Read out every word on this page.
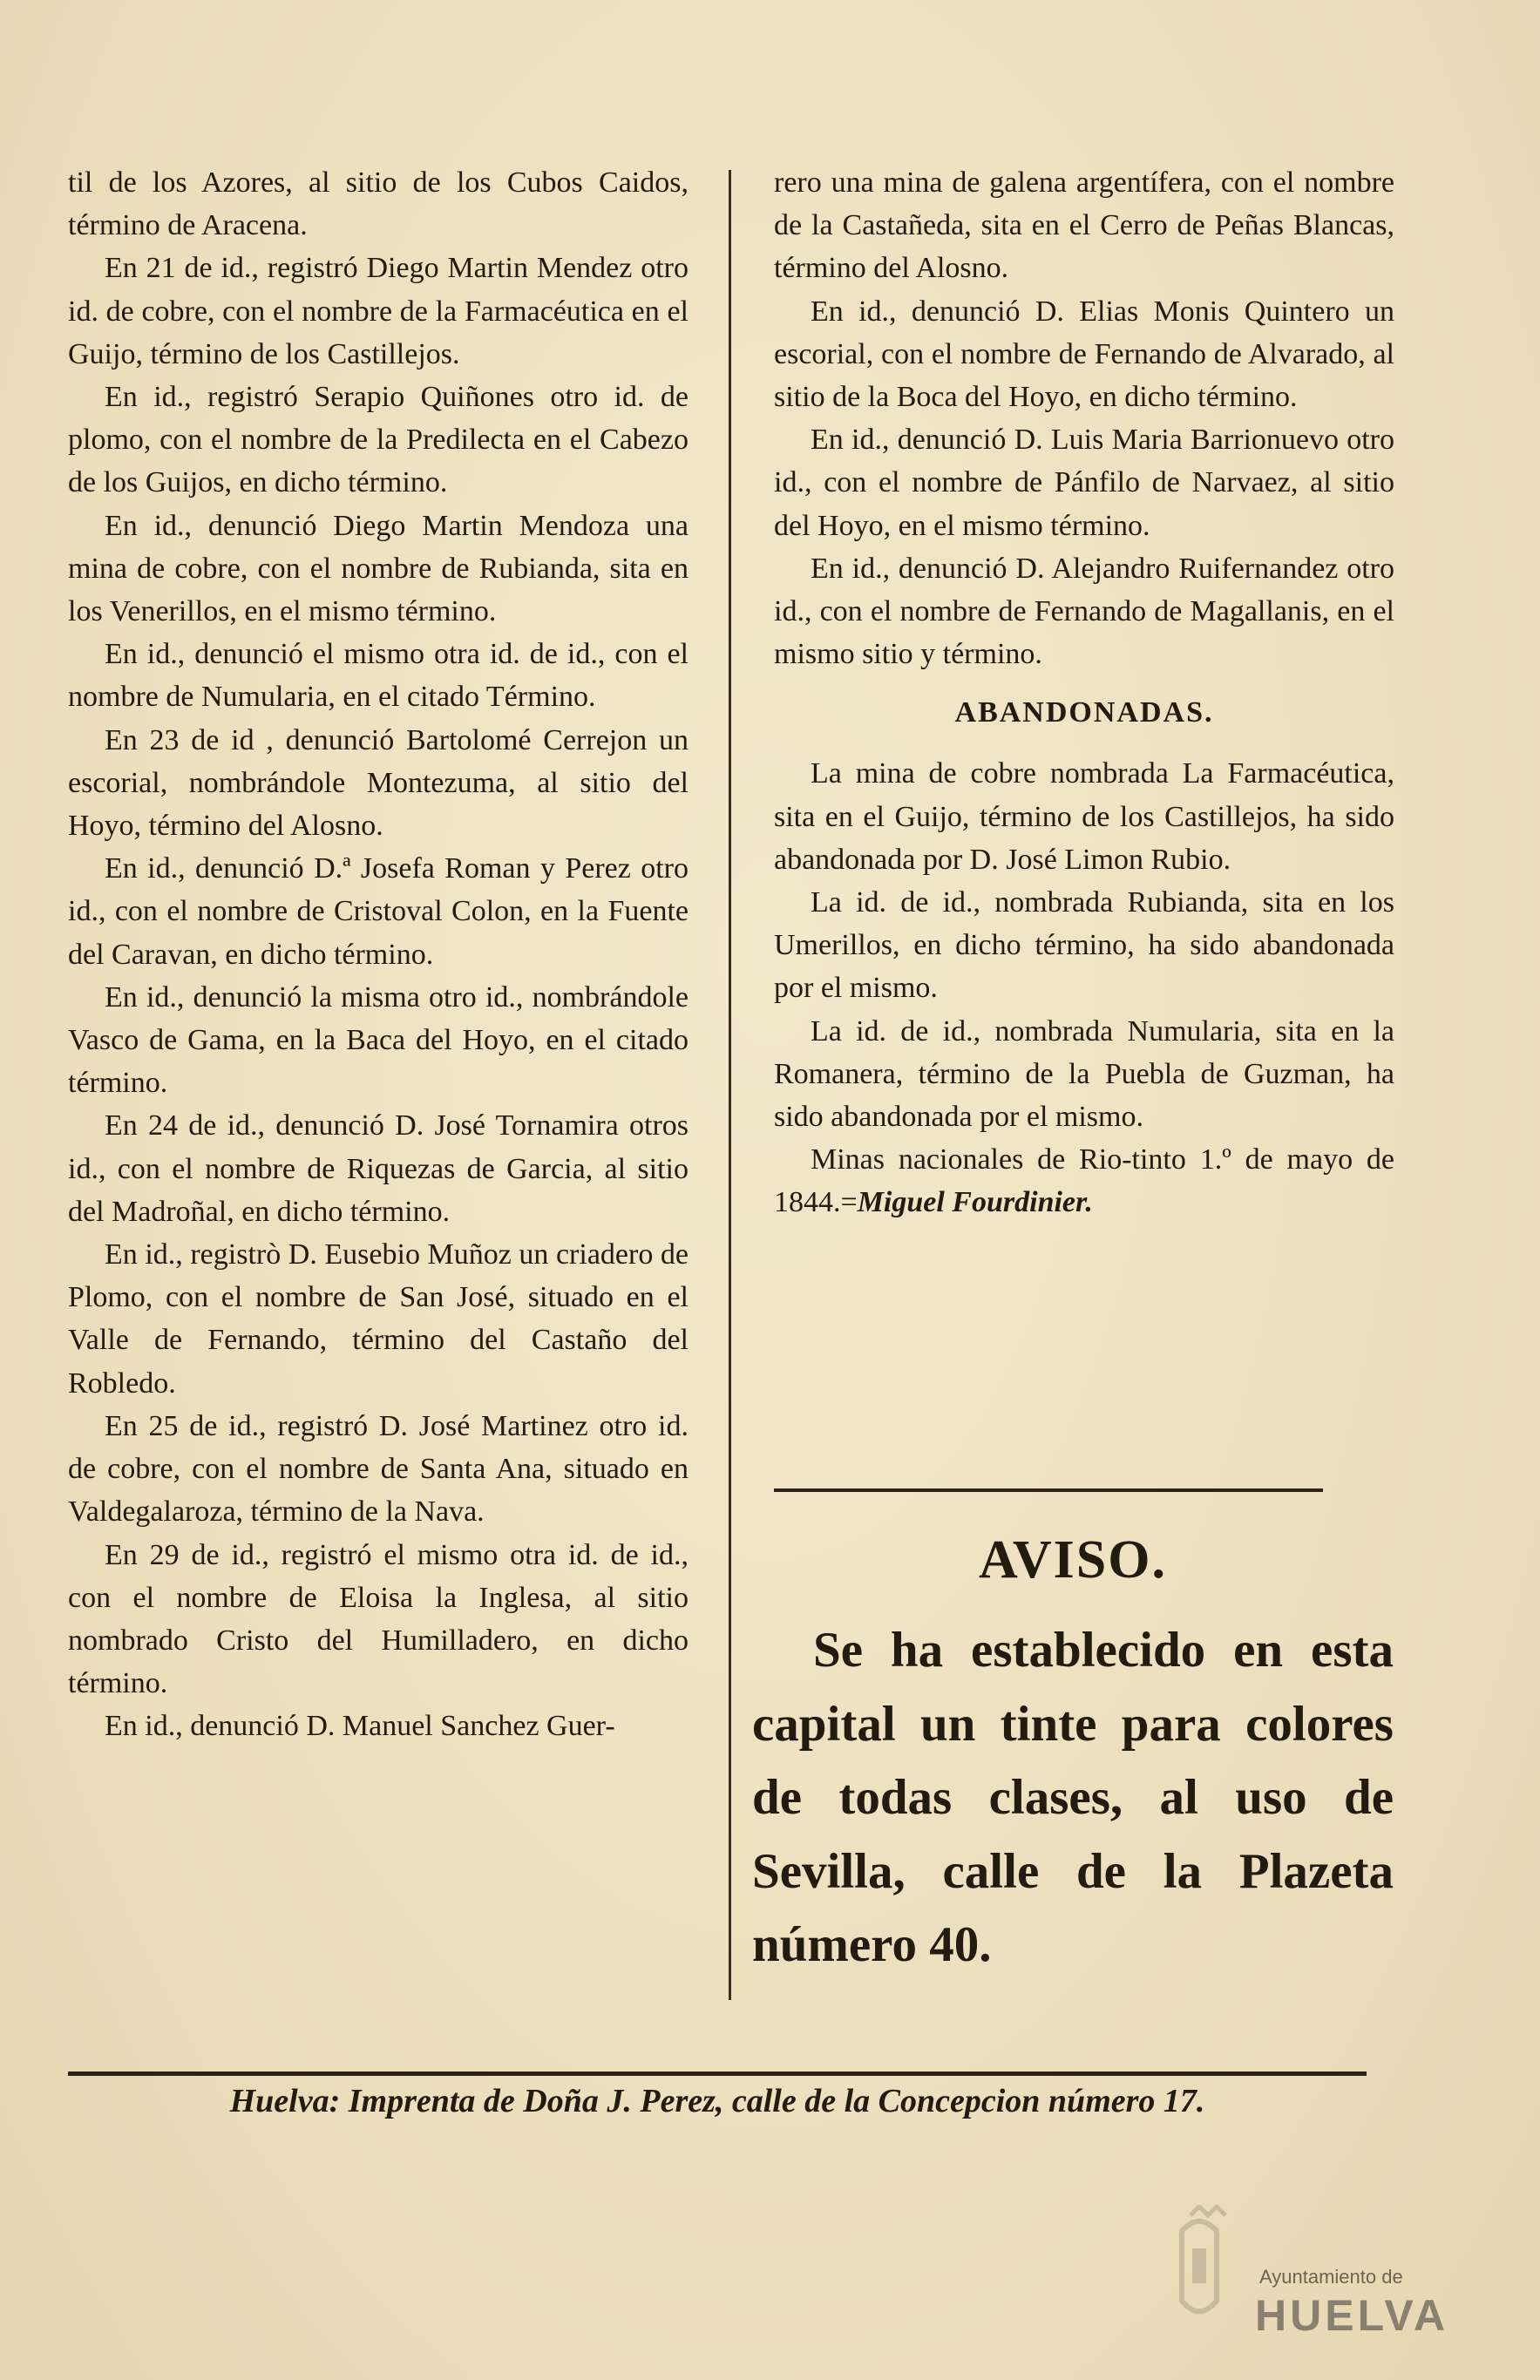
til de los Azores, al sitio de los Cubos Caidos, término de Aracena.

En 21 de id., registró Diego Martin Mendez otro id. de cobre, con el nombre de la Farmacéutica en el Guijo, término de los Castillejos.

En id., registró Serapio Quiñones otro id. de plomo, con el nombre de la Predilecta en el Cabezo de los Guijos, en dicho término.

En id., denunció Diego Martin Mendoza una mina de cobre, con el nombre de Rubianda, sita en los Venerillos, en el mismo término.

En id., denunció el mismo otra id. de id., con el nombre de Numularia, en el citado Término.

En 23 de id , denunció Bartolomé Cerrejon un escorial, nombrándole Montezuma, al sitio del Hoyo, término del Alosno.

En id., denunció D.ª Josefa Roman y Perez otro id., con el nombre de Cristoval Colon, en la Fuente del Caravan, en dicho término.

En id., denunció la misma otro id., nombrándole Vasco de Gama, en la Baca del Hoyo, en el citado término.

En 24 de id., denunció D. José Tornamira otros id., con el nombre de Riquezas de Garcia, al sitio del Madroñal, en dicho término.

En id., registrò D. Eusebio Muñoz un criadero de Plomo, con el nombre de San José, situado en el Valle de Fernando, término del Castaño del Robledo.

En 25 de id., registró D. José Martinez otro id. de cobre, con el nombre de Santa Ana, situado en Valdegalaroza, término de la Nava.

En 29 de id., registró el mismo otra id. de id., con el nombre de Eloisa la Inglesa, al sitio nombrado Cristo del Humilladero, en dicho término.

En id., denunció D. Manuel Sanchez Guer-

rero una mina de galena argentífera, con el nombre de la Castañeda, sita en el Cerro de Peñas Blancas, término del Alosno.

En id., denunció D. Elias Monis Quintero un escorial, con el nombre de Fernando de Alvarado, al sitio de la Boca del Hoyo, en dicho término.

En id., denunció D. Luis Maria Barrionuevo otro id., con el nombre de Pánfilo de Narvaez, al sitio del Hoyo, en el mismo término.

En id., denunció D. Alejandro Ruifernandez otro id., con el nombre de Fernando de Magallanis, en el mismo sitio y término.

ABANDONADAS.

La mina de cobre nombrada La Farmacéutica, sita en el Guijo, término de los Castillejos, ha sido abandonada por D. José Limon Rubio.

La id. de id., nombrada Rubianda, sita en los Umerillos, en dicho término, ha sido abandonada por el mismo.

La id. de id., nombrada Numularia, sita en la Romanera, término de la Puebla de Guzman, ha sido abandonada por el mismo.

Minas nacionales de Rio-tinto 1.º de mayo de 1844.=Miguel Fourdinier.

AVISO.

Se ha establecido en esta capital un tinte para colores de todas clases, al uso de Sevilla, calle de la Plazeta número 40.

Huelva: Imprenta de Doña J. Perez, calle de la Concepcion número 17.
Ayuntamiento de
HUELVA
